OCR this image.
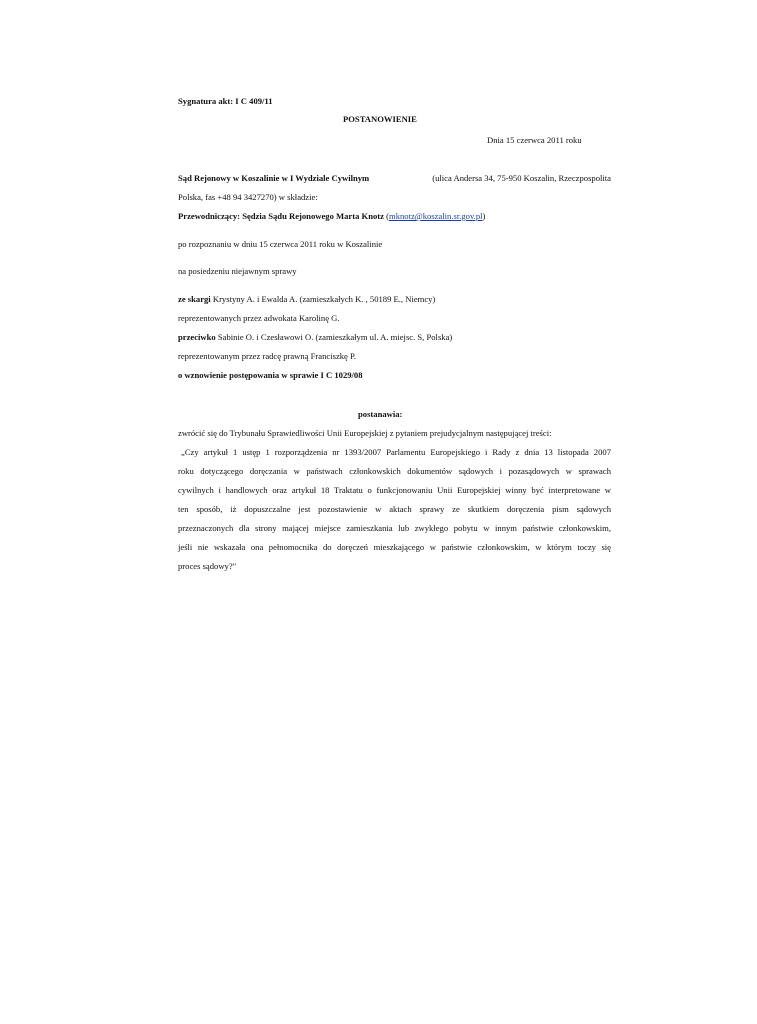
Sygnatura akt: I C 409/11
POSTANOWIENIE
Dnia 15 czerwca 2011 roku
Sąd Rejonowy w Koszalinie w I Wydziale Cywilnym	(ulica Andersa 34, 75-950 Koszalin, Rzeczpospolita
Polska, fas +48 94 3427270) w składzie:
Przewodniczący: Sędzia Sądu Rejonowego Marta Knotz (mknotz@koszalin.sr.gov.pl)
po rozpoznaniu w dniu 15 czerwca 2011 roku w Koszalinie
na posiedzeniu niejawnym sprawy
ze skargi Krystyny A. i Ewalda A. (zamieszkałych K. , 50189 E., Niemcy)
reprezentowanych przez adwokata Karolinę G.
przeciwko Sabinie O. i Czesławowi O. (zamieszkałym ul. A. miejsc. S, Polska)
reprezentowanym przez radcę prawną Franciszkę P.
o wznowienie postępowania w sprawie I C 1029/08
postanawia:
zwrócić się do Trybunału Sprawiedliwości Unii Europejskiej z pytaniem prejudycjalnym następującej treści:
„Czy artykuł 1 ustęp 1 rozporządzenia nr 1393/2007 Parlamentu Europejskiego i Rady z dnia 13 listopada 2007
roku dotyczącego doręczania w państwach członkowskich dokumentów sądowych i pozasądowych w sprawach
cywilnych i handlowych oraz artykuł 18 Traktatu o funkcjonowaniu Unii Europejskiej winny być interpretowane w
ten sposób, iż dopuszczalne jest pozostawienie w aktach sprawy ze skutkiem doręczenia pism sądowych
przeznaczonych dla strony mającej miejsce zamieszkania lub zwykłego pobytu w innym państwie członkowskim,
jeśli nie wskazała ona pełnomocnika do doręczeń mieszkającego w państwie członkowskim, w którym toczy się
proces sądowy?"
